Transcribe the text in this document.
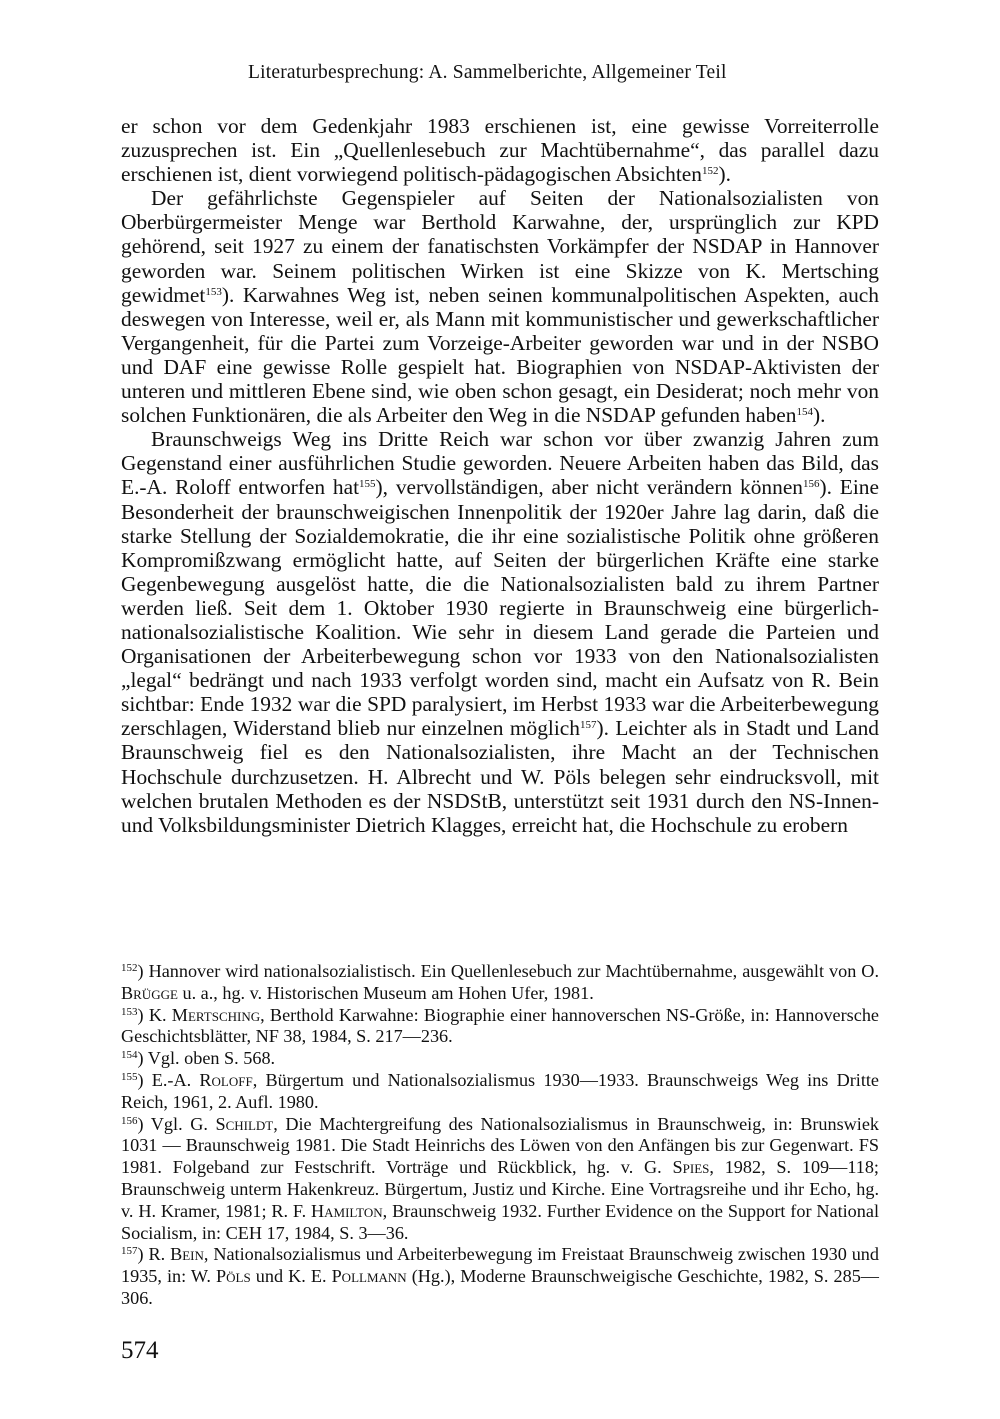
Literaturbesprechung: A. Sammelberichte, Allgemeiner Teil

er schon vor dem Gedenkjahr 1983 erschienen ist, eine gewisse Vorreiterrolle zuzusprechen ist. Ein „Quellenlesebuch zur Machtübernahme“, das parallel dazu erschienen ist, dient vorwiegend politisch-pädagogischen Absichten$^{152}$).

Der gefährlichste Gegenspieler auf Seiten der Nationalsozialisten von Oberbürgermeister Menge war Berthold Karwahne, der, ursprünglich zur KPD gehörend, seit 1927 zu einem der fanatischsten Vorkämpfer der NSDAP in Hannover geworden war. Seinem politischen Wirken ist eine Skizze von K. Mertsching gewidmet$^{153}$). Karwahnes Weg ist, neben seinen kommunalpolitischen Aspekten, auch deswegen von Interesse, weil er, als Mann mit kommunistischer und gewerkschaftlicher Vergangenheit, für die Partei zum Vorzeige-Arbeiter geworden war und in der NSBO und DAF eine gewisse Rolle gespielt hat. Biographien von NSDAP-Aktivisten der unteren und mittleren Ebene sind, wie oben schon gesagt, ein Desiderat; noch mehr von solchen Funktionären, die als Arbeiter den Weg in die NSDAP gefunden haben$^{154}$).

Braunschweigs Weg ins Dritte Reich war schon vor über zwanzig Jahren zum Gegenstand einer ausführlichen Studie geworden. Neuere Arbeiten haben das Bild, das E.-A. Roloff entworfen hat$^{155}$), vervollständigen, aber nicht verändern können$^{156}$). Eine Besonderheit der braunschweigischen Innenpolitik der 1920er Jahre lag darin, daß die starke Stellung der Sozialdemokratie, die ihr eine sozialistische Politik ohne größeren Kompromißzwang ermöglicht hatte, auf Seiten der bürgerlichen Kräfte eine starke Gegenbewegung ausgelöst hatte, die die Nationalsozialisten bald zu ihrem Partner werden ließ. Seit dem 1. Oktober 1930 regierte in Braunschweig eine bürgerlich-nationalsozialistische Koalition. Wie sehr in diesem Land gerade die Parteien und Organisationen der Arbeiterbewegung schon vor 1933 von den Nationalsozialisten „legal“ bedrängt und nach 1933 verfolgt worden sind, macht ein Aufsatz von R. Bein sichtbar: Ende 1932 war die SPD paralysiert, im Herbst 1933 war die Arbeiterbewegung zerschlagen, Widerstand blieb nur einzelnen möglich$^{157}$). Leichter als in Stadt und Land Braunschweig fiel es den Nationalsozialisten, ihre Macht an der Technischen Hochschule durchzusetzen. H. Albrecht und W. Pöls belegen sehr eindrucksvoll, mit welchen brutalen Methoden es der NSDStB, unterstützt seit 1931 durch den NS-Innen- und Volksbildungsminister Dietrich Klagges, erreicht hat, die Hochschule zu erobern

$^{152}$) Hannover wird nationalsozialistisch. Ein Quellenlesebuch zur Machtübernahme, ausgewählt von O. Brügge u. a., hg. v. Historischen Museum am Hohen Ufer, 1981.

$^{153}$) K. Mertsching, Berthold Karwahne: Biographie einer hannoverschen NS-Größe, in: Hannoversche Geschichtsblätter, NF 38, 1984, S. 217—236.

$^{154}$) Vgl. oben S. 568.

$^{155}$) E.-A. Roloff, Bürgertum und Nationalsozialismus 1930—1933. Braunschweigs Weg ins Dritte Reich, 1961, 2. Aufl. 1980.

$^{156}$) Vgl. G. Schildt, Die Machtergreifung des Nationalsozialismus in Braunschweig, in: Brunswiek 1031 — Braunschweig 1981. Die Stadt Heinrichs des Löwen von den Anfängen bis zur Gegenwart. FS 1981. Folgeband zur Festschrift. Vorträge und Rückblick, hg. v. G. Spies, 1982, S. 109—118; Braunschweig unterm Hakenkreuz. Bürgertum, Justiz und Kirche. Eine Vortragsreihe und ihr Echo, hg. v. H. Kramer, 1981; R. F. Hamilton, Braunschweig 1932. Further Evidence on the Support for National Socialism, in: CEH 17, 1984, S. 3—36.

$^{157}$) R. Bein, Nationalsozialismus und Arbeiterbewegung im Freistaat Braunschweig zwischen 1930 und 1935, in: W. Pöls und K. E. Pollmann (Hg.), Moderne Braunschweigische Geschichte, 1982, S. 285—306.

574
